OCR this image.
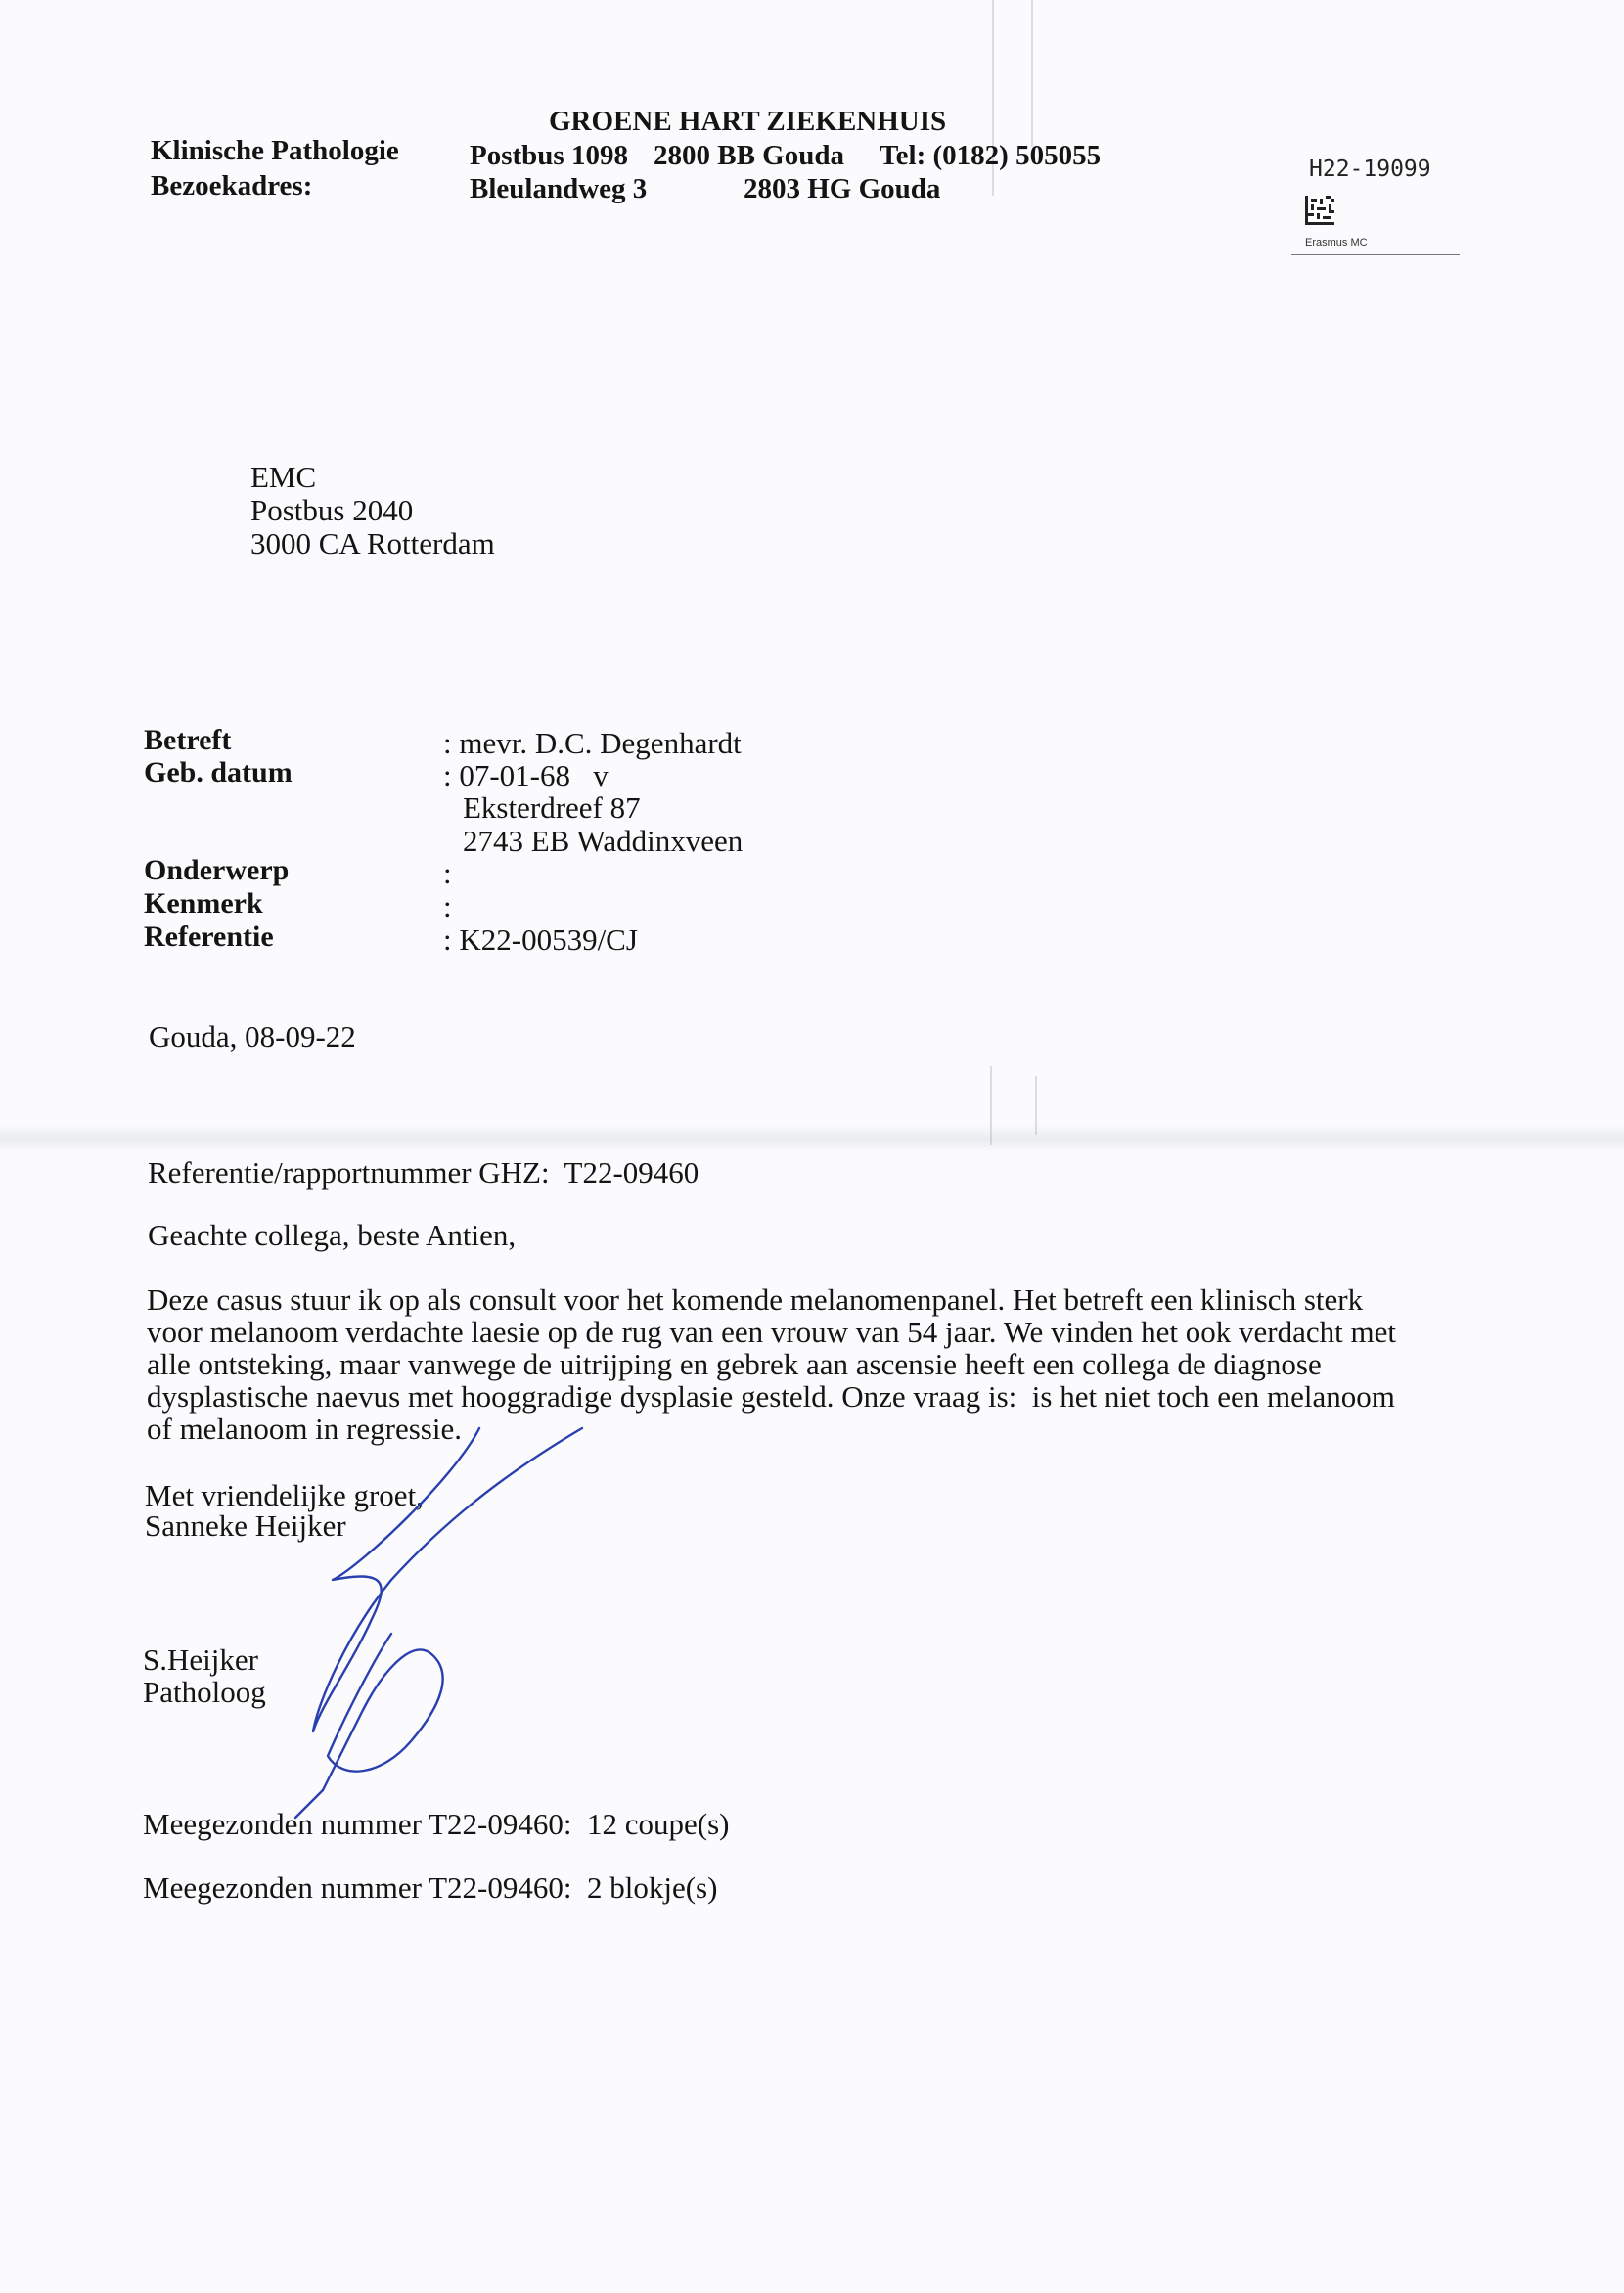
GROENE HART ZIEKENHUIS
Klinische Pathologie
Bezoekadres:
Postbus 1098 2800 BB Gouda Tel: (0182) 505055
Bleulandweg 3	2803 HG Gouda
H22-19099
Erasmus MC
EMC
Postbus 2040
3000 CA Rotterdam
Betreft	: mevr. D.C. Degenhardt
Geb. datum	: 07-01-68   v
Eksterdreef 87
2743 EB Waddinxveen
Onderwerp	:
Kenmerk	:
Referentie	: K22-00539/CJ
Gouda, 08-09-22
Referentie/rapportnummer GHZ:  T22-09460
Geachte collega, beste Antien,
Deze casus stuur ik op als consult voor het komende melanomenpanel. Het betreft een klinisch sterk
voor melanoom verdachte laesie op de rug van een vrouw van 54 jaar. We vinden het ook verdacht met
alle ontsteking, maar vanwege de uitrijping en gebrek aan ascensie heeft een collega de diagnose
dysplastische naevus met hooggradige dysplasie gesteld. Onze vraag is:  is het niet toch een melanoom
of melanoom in regressie.
Met vriendelijke groet,
Sanneke Heijker
S.Heijker
Patholoog
Meegezonden nummer T22-09460:  12 coupe(s)
Meegezonden nummer T22-09460:  2 blokje(s)
